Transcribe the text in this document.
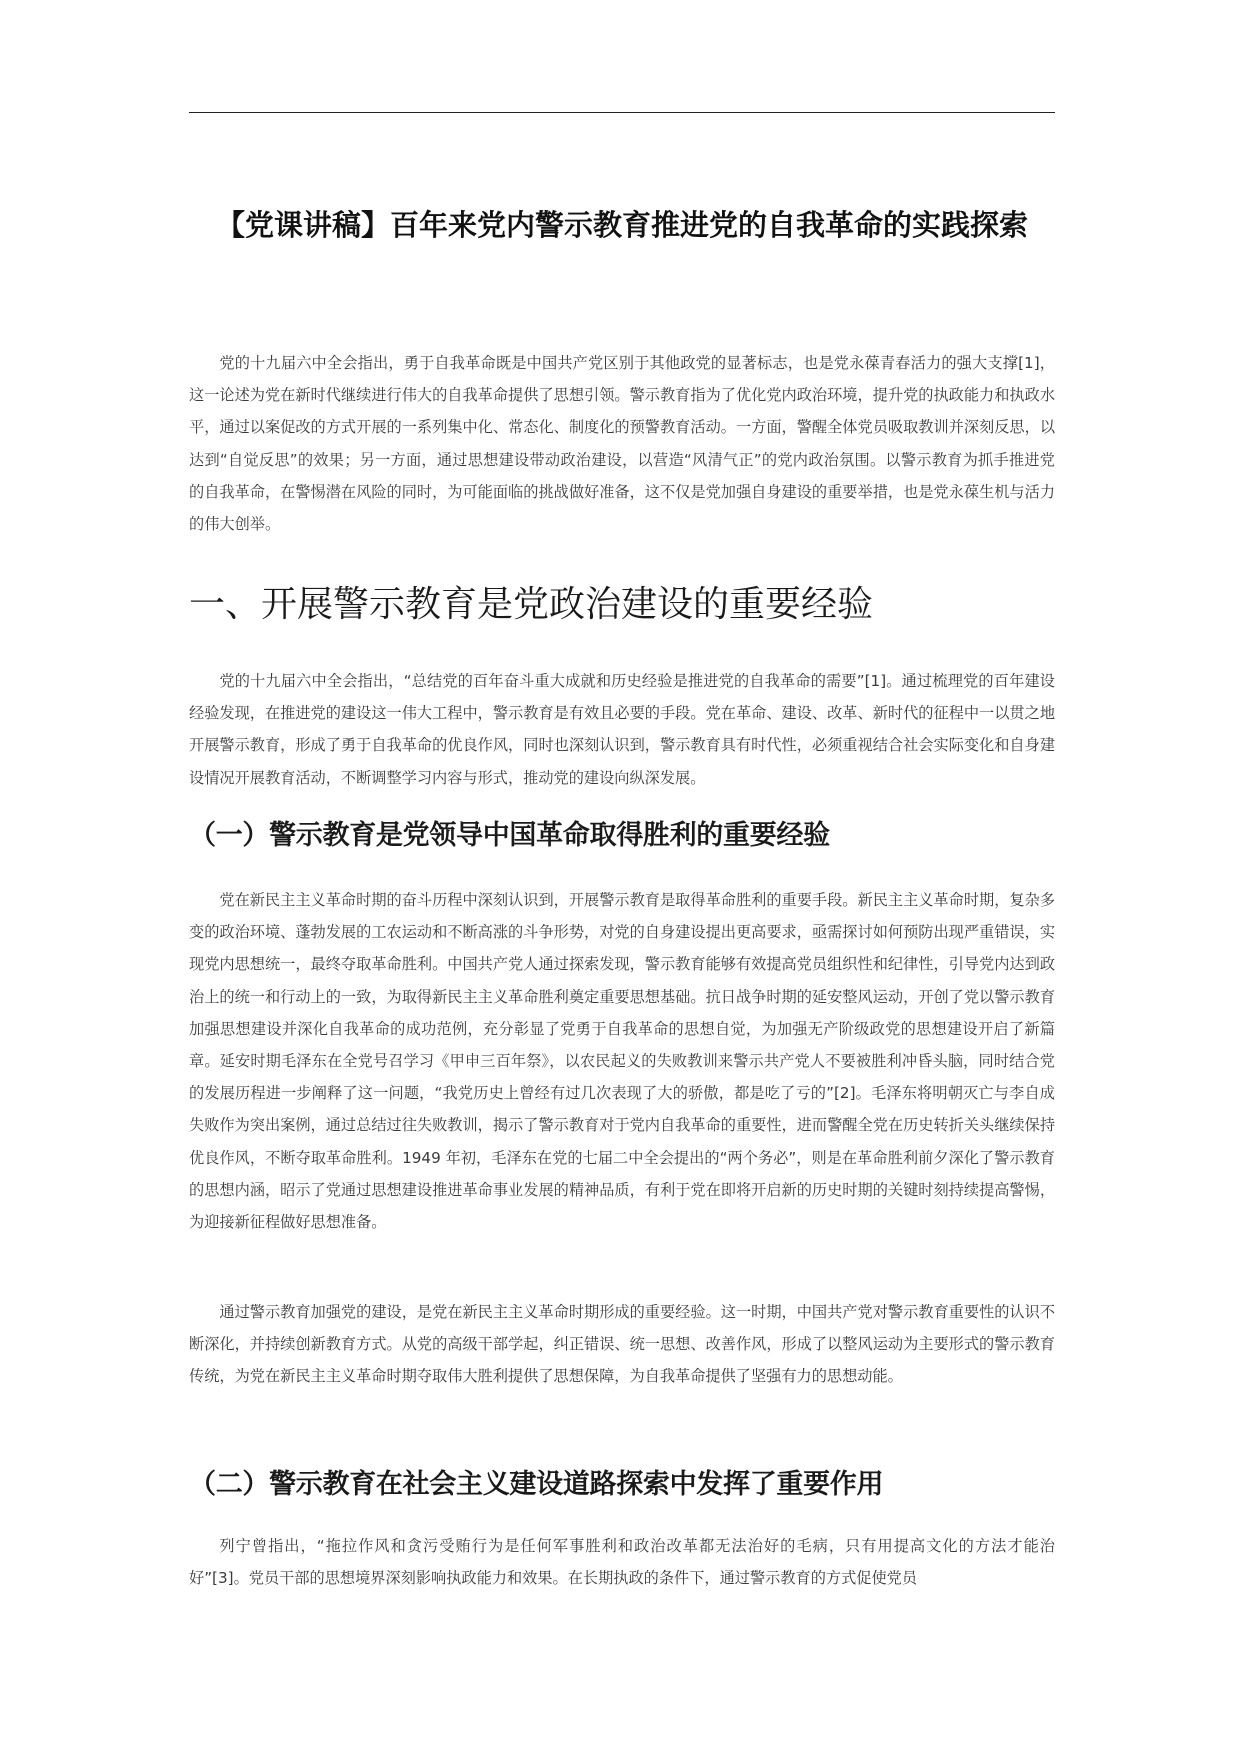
【党课讲稿】百年来党内警示教育推进党的自我革命的实践探索

党的十九届六中全会指出，勇于自我革命既是中国共产党区别于其他政党的显著标志，也是党永葆青春活力的强大支撑[1]，这一论述为党在新时代继续进行伟大的自我革命提供了思想引领。警示教育指为了优化党内政治环境，提升党的执政能力和执政水平，通过以案促改的方式开展的一系列集中化、常态化、制度化的预警教育活动。一方面，警醒全体党员吸取教训并深刻反思，以达到“自觉反思”的效果；另一方面，通过思想建设带动政治建设，以营造“风清气正”的党内政治氛围。以警示教育为抓手推进党的自我革命，在警惕潜在风险的同时，为可能面临的挑战做好准备，这不仅是党加强自身建设的重要举措，也是党永葆生机与活力的伟大创举。

一、开展警示教育是党政治建设的重要经验

党的十九届六中全会指出，“总结党的百年奋斗重大成就和历史经验是推进党的自我革命的需要”[1]。通过梳理党的百年建设经验发现，在推进党的建设这一伟大工程中，警示教育是有效且必要的手段。党在革命、建设、改革、新时代的征程中一以贯之地开展警示教育，形成了勇于自我革命的优良作风，同时也深刻认识到，警示教育具有时代性，必须重视结合社会实际变化和自身建设情况开展教育活动，不断调整学习内容与形式，推动党的建设向纵深发展。

（一）警示教育是党领导中国革命取得胜利的重要经验

党在新民主主义革命时期的奋斗历程中深刻认识到，开展警示教育是取得革命胜利的重要手段。新民主主义革命时期，复杂多变的政治环境、蓬勃发展的工农运动和不断高涨的斗争形势，对党的自身建设提出更高要求，亟需探讨如何预防出现严重错误，实现党内思想统一，最终夺取革命胜利。中国共产党人通过探索发现，警示教育能够有效提高党员组织性和纪律性，引导党内达到政治上的统一和行动上的一致，为取得新民主主义革命胜利奠定重要思想基础。抗日战争时期的延安整风运动，开创了党以警示教育加强思想建设并深化自我革命的成功范例，充分彰显了党勇于自我革命的思想自觉，为加强无产阶级政党的思想建设开启了新篇章。延安时期毛泽东在全党号召学习《甲申三百年祭》，以农民起义的失败教训来警示共产党人不要被胜利冲昏头脑，同时结合党的发展历程进一步阐释了这一问题，“我党历史上曾经有过几次表现了大的骄傲，都是吃了亏的”[2]。毛泽东将明朝灭亡与李自成失败作为突出案例，通过总结过往失败教训，揭示了警示教育对于党内自我革命的重要性，进而警醒全党在历史转折关头继续保持优良作风，不断夺取革命胜利。1949 年初，毛泽东在党的七届二中全会提出的“两个务必”，则是在革命胜利前夕深化了警示教育的思想内涵，昭示了党通过思想建设推进革命事业发展的精神品质，有利于党在即将开启新的历史时期的关键时刻持续提高警惕，为迎接新征程做好思想准备。

通过警示教育加强党的建设，是党在新民主主义革命时期形成的重要经验。这一时期，中国共产党对警示教育重要性的认识不断深化，并持续创新教育方式。从党的高级干部学起，纠正错误、统一思想、改善作风，形成了以整风运动为主要形式的警示教育传统，为党在新民主主义革命时期夺取伟大胜利提供了思想保障，为自我革命提供了坚强有力的思想动能。

（二）警示教育在社会主义建设道路探索中发挥了重要作用

列宁曾指出，“拖拉作风和贪污受贿行为是任何军事胜利和政治改革都无法治好的毛病，只有用提高文化的方法才能治好”[3]。党员干部的思想境界深刻影响执政能力和效果。在长期执政的条件下，通过警示教育的方式促使党员
